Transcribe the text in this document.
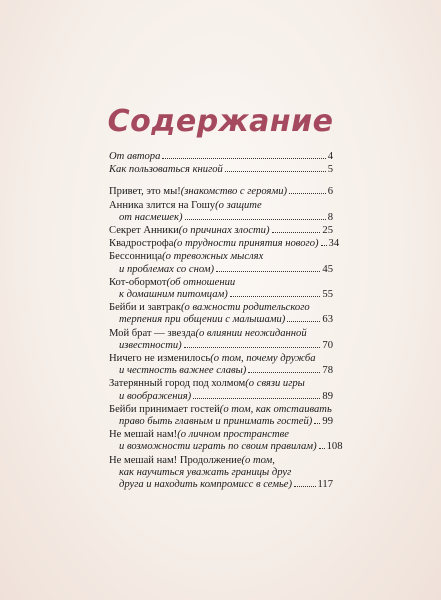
Содержание
От автора	4
Как пользоваться книгой	5
Привет, это мы! (знакомство с героями)	6
Анника злится на Гошу (о защите
от насмешек)	8
Секрет Анники (о причинах злости)	25
Квадрострофа (о трудности принятия нового) 34
Бессонница (о тревожных мыслях
и проблемах со сном)	45
Кот-обормот (об отношении
к домашним питомцам)	55
Бейби и завтрак (о важности родительского
терпения при общении с малышами)	63
Мой брат — звезда (о влиянии неожиданной
известности)	70
Ничего не изменилось (о том, почему дружба
и честность важнее славы)	78
Затерянный город под холмом (о связи игры
и воображения)	89
Бейби принимает гостей (о том, как отстаивать
право быть главным и принимать гостей) 99
Не мешай нам! (о личном пространстве
и возможности играть по своим правилам) 108
Не мешай нам! Продолжение (о том,
как научиться уважать границы друг
друга и находить компромисс в семье) 117
